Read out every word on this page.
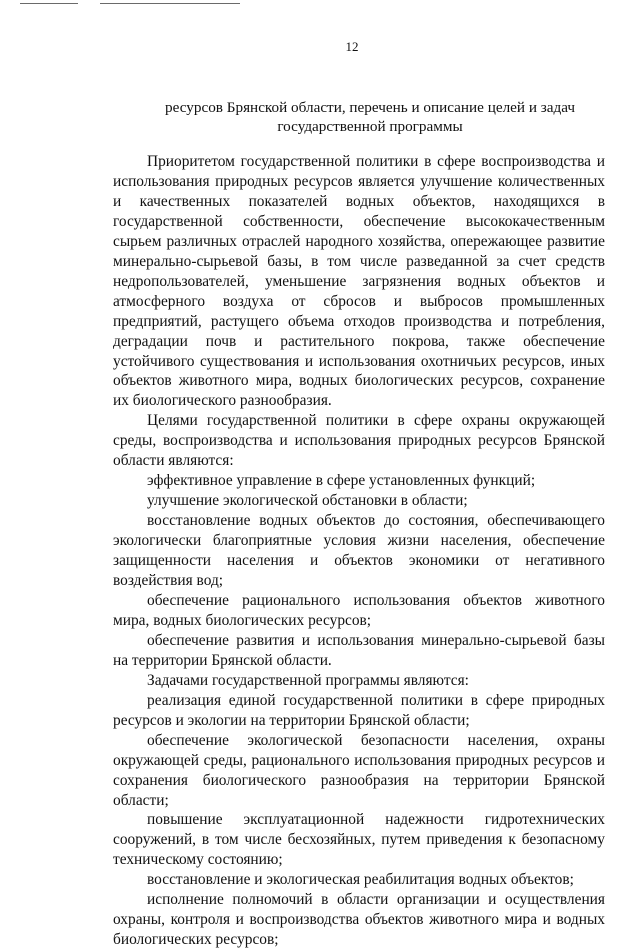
12
ресурсов Брянской области, перечень и описание целей и задач
государственной программы

Приоритетом государственной политики в сфере воспроизводства и использования природных ресурсов является улучшение количественных и качественных показателей водных объектов, находящихся в государственной собственности, обеспечение высококачественным сырьем различных отраслей народного хозяйства, опережающее развитие минерально-сырьевой базы, в том числе разведанной за счет средств недропользователей, уменьшение загрязнения водных объектов и атмосферного воздуха от сбросов и выбросов промышленных предприятий, растущего объема отходов производства и потребления, деградации почв и растительного покрова, также обеспечение устойчивого существования и использования охотничьих ресурсов, иных объектов животного мира, водных биологических ресурсов, сохранение их биологического разнообразия.

Целями государственной политики в сфере охраны окружающей среды, воспроизводства и использования природных ресурсов Брянской области являются:

эффективное управление в сфере установленных функций;

улучшение экологической обстановки в области;

восстановление водных объектов до состояния, обеспечивающего экологически благоприятные условия жизни населения, обеспечение защищенности населения и объектов экономики от негативного воздействия вод;

обеспечение рационального использования объектов животного мира, водных биологических ресурсов;

обеспечение развития и использования минерально-сырьевой базы на территории Брянской области.

Задачами государственной программы являются:

реализация единой государственной политики в сфере природных ресурсов и экологии на территории Брянской области;

обеспечение экологической безопасности населения, охраны окружающей среды, рационального использования природных ресурсов и сохранения биологического разнообразия на территории Брянской области;

повышение эксплуатационной надежности гидротехнических сооружений, в том числе бесхозяйных, путем приведения к безопасному техническому состоянию;

восстановление и экологическая реабилитация водных объектов;

исполнение полномочий в области организации и осуществления охраны, контроля и воспроизводства объектов животного мира и водных биологических ресурсов;
